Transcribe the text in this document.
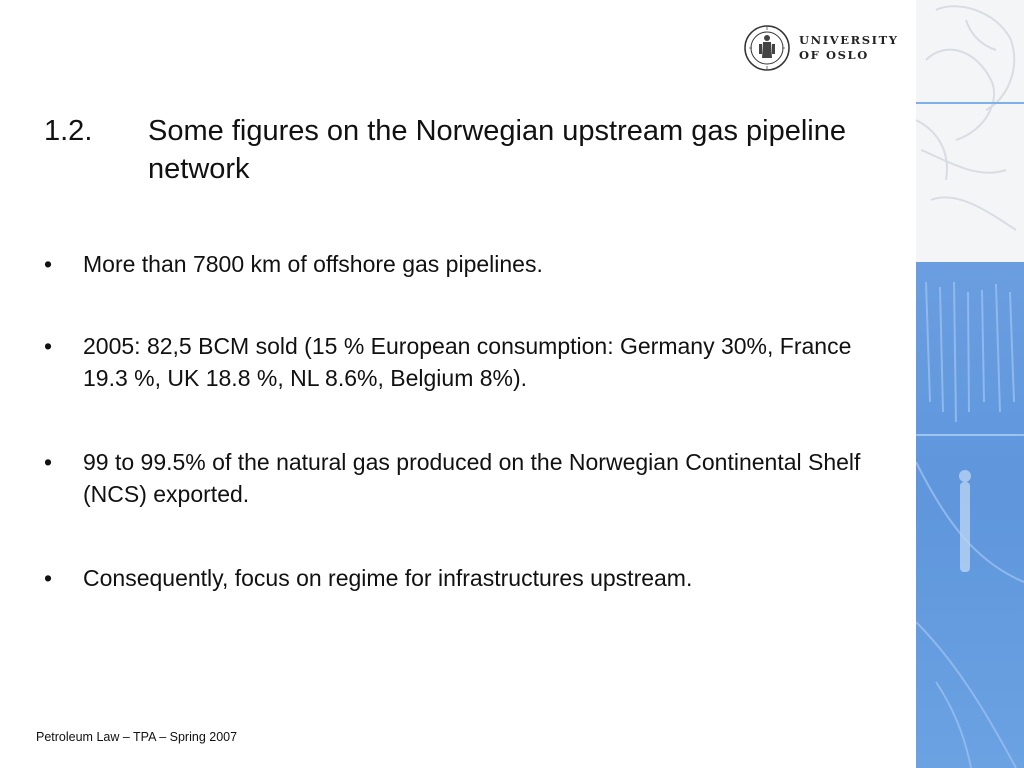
UNIVERSITY
OF OSLO
1.2. Some figures on the Norwegian upstream gas pipeline network
• More than 7800 km of offshore gas pipelines.
• 2005: 82,5 BCM sold (15 % European consumption: Germany 30%, France 19.3 %, UK 18.8 %, NL 8.6%, Belgium 8%).
• 99 to 99.5% of the natural gas produced on the Norwegian Continental Shelf (NCS) exported.
• Consequently, focus on regime for infrastructures upstream.
Petroleum Law – TPA – Spring 2007
